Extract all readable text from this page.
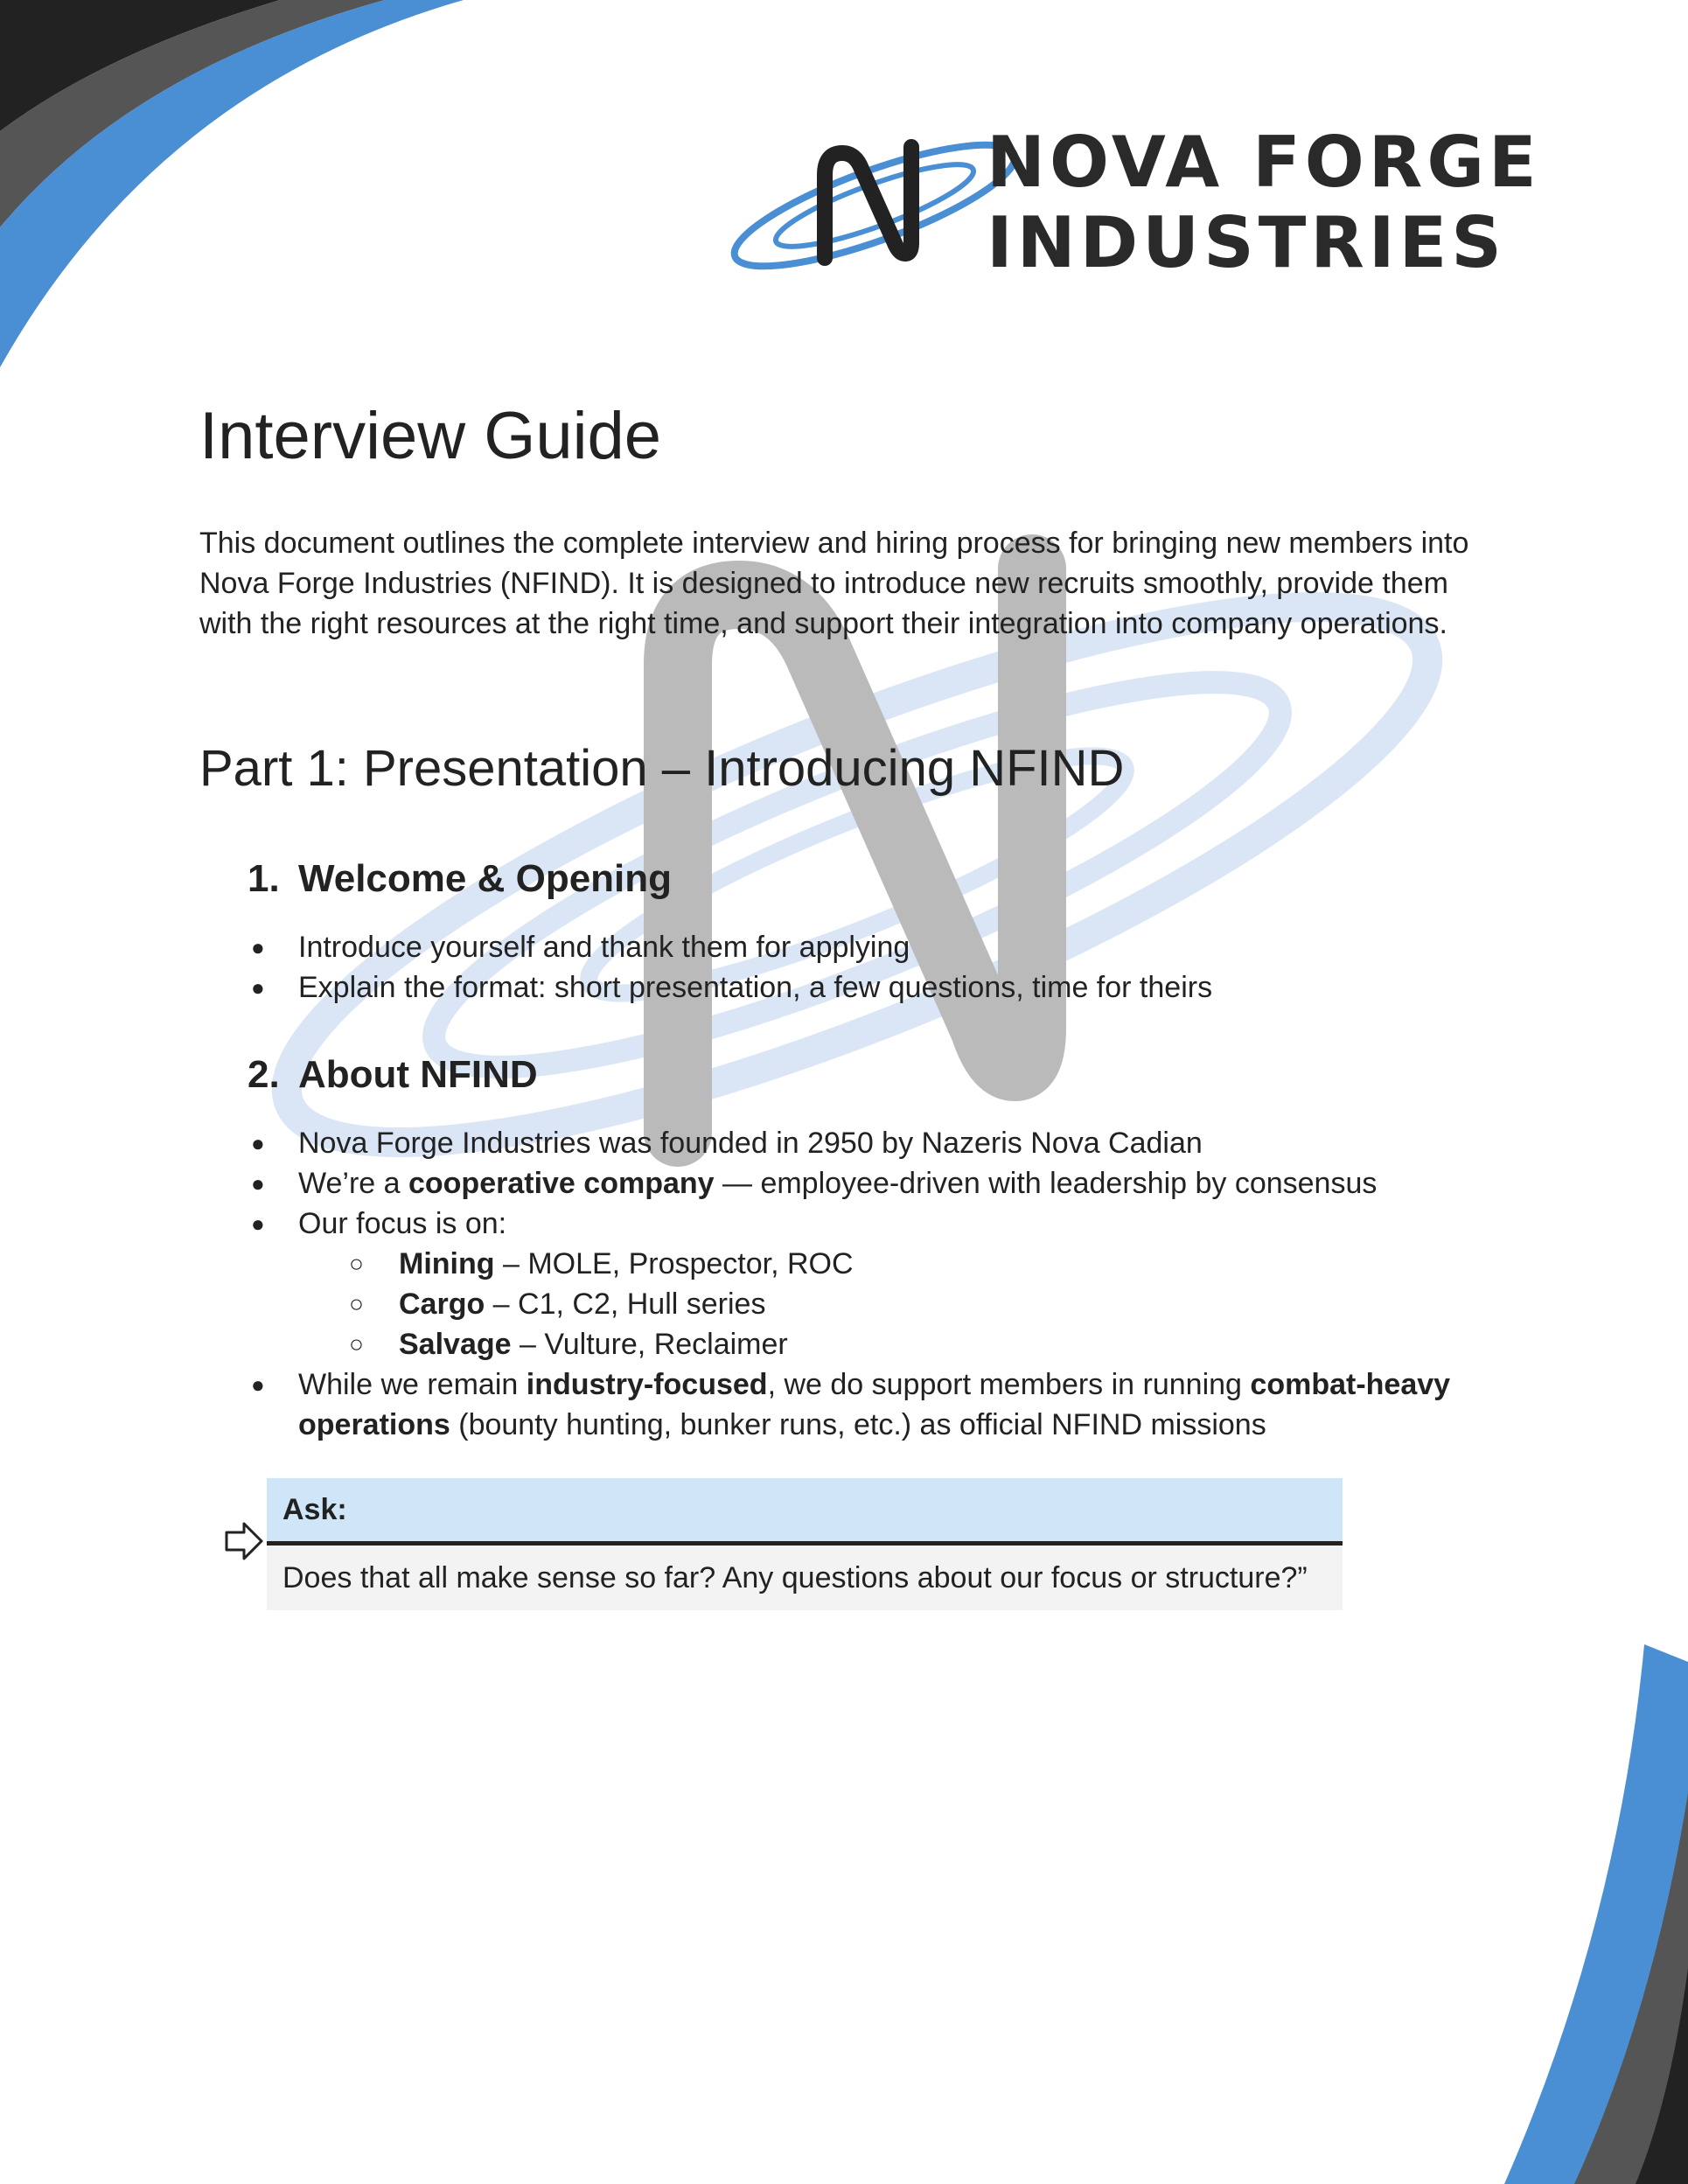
NOVA FORGE
INDUSTRIES
Interview Guide

This document outlines the complete interview and hiring process for bringing new members into Nova Forge Industries (NFIND). It is designed to introduce new recruits smoothly, provide them with the right resources at the right time, and support their integration into company operations.

Part 1: Presentation – Introducing NFIND
1. Welcome & Opening
● Introduce yourself and thank them for applying
● Explain the format: short presentation, a few questions, time for theirs
2. About NFIND
● Nova Forge Industries was founded in 2950 by Nazeris Nova Cadian
● We’re a cooperative company — employee-driven with leadership by consensus
● Our focus is on:
○ Mining – MOLE, Prospector, ROC
○ Cargo – C1, C2, Hull series
○ Salvage – Vulture, Reclaimer
● While we remain industry-focused, we do support members in running combat-heavy operations (bounty hunting, bunker runs, etc.) as official NFIND missions
Ask:
Does that all make sense so far? Any questions about our focus or structure?”
